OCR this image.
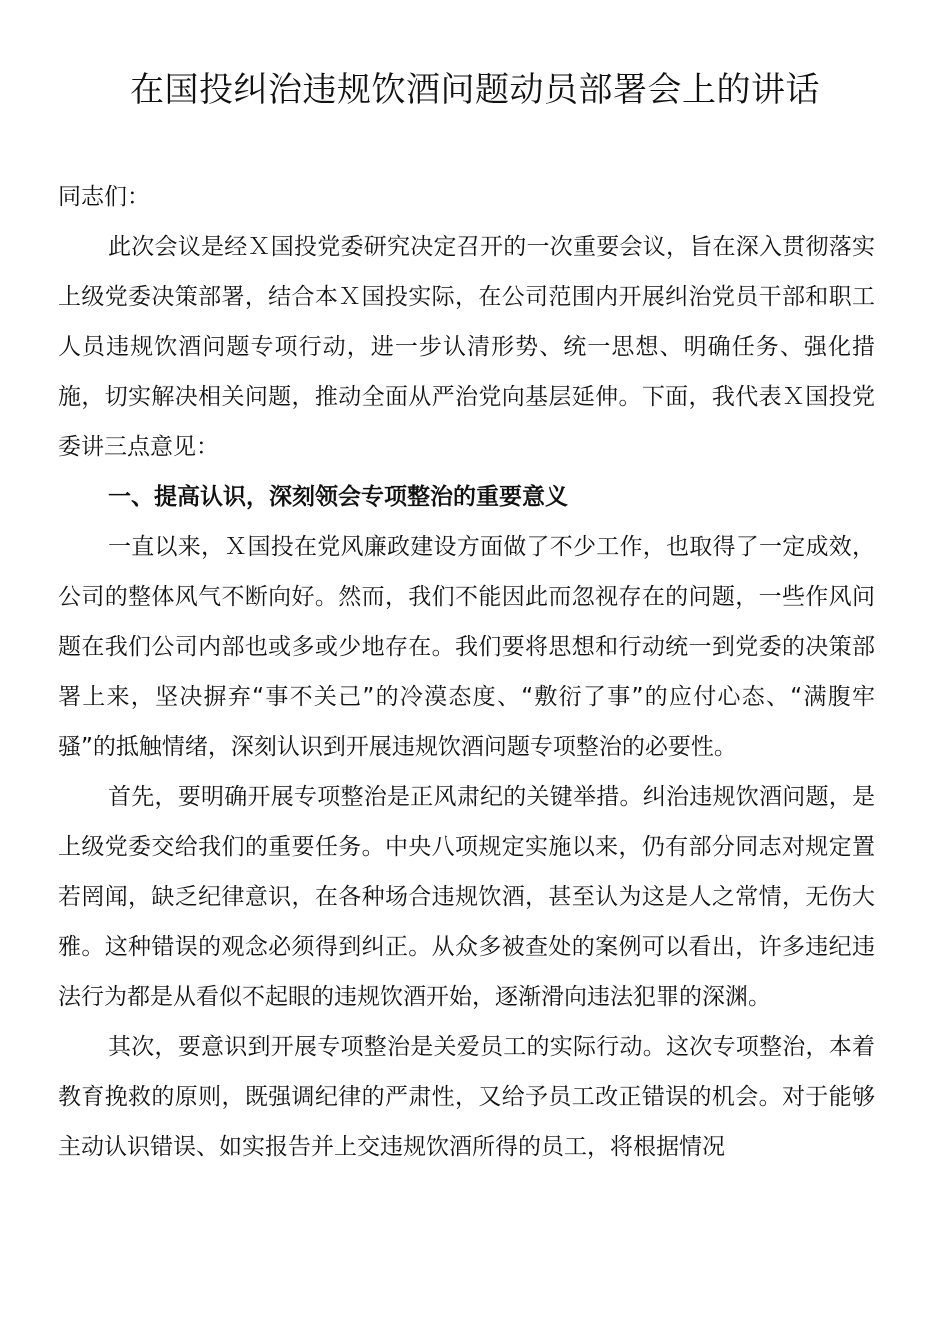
在国投纠治违规饮酒问题动员部署会上的讲话

同志们：

此次会议是经Ｘ国投党委研究决定召开的一次重要会议，旨在深入贯彻落实上级党委决策部署，结合本Ｘ国投实际，在公司范围内开展纠治党员干部和职工人员违规饮酒问题专项行动，进一步认清形势、统一思想、明确任务、强化措施，切实解决相关问题，推动全面从严治党向基层延伸。下面，我代表Ｘ国投党委讲三点意见：

一、提高认识，深刻领会专项整治的重要意义

一直以来，Ｘ国投在党风廉政建设方面做了不少工作，也取得了一定成效，公司的整体风气不断向好。然而，我们不能因此而忽视存在的问题，一些作风问题在我们公司内部也或多或少地存在。我们要将思想和行动统一到党委的决策部署上来，坚决摒弃“事不关己”的冷漠态度、“敷衍了事”的应付心态、“满腹牢骚”的抵触情绪，深刻认识到开展违规饮酒问题专项整治的必要性。

首先，要明确开展专项整治是正风肃纪的关键举措。纠治违规饮酒问题，是上级党委交给我们的重要任务。中央八项规定实施以来，仍有部分同志对规定置若罔闻，缺乏纪律意识，在各种场合违规饮酒，甚至认为这是人之常情，无伤大雅。这种错误的观念必须得到纠正。从众多被查处的案例可以看出，许多违纪违法行为都是从看似不起眼的违规饮酒开始，逐渐滑向违法犯罪的深渊。

其次，要意识到开展专项整治是关爱员工的实际行动。这次专项整治，本着教育挽救的原则，既强调纪律的严肃性，又给予员工改正错误的机会。对于能够主动认识错误、如实报告并上交违规饮酒所得的员工，将根据情况
